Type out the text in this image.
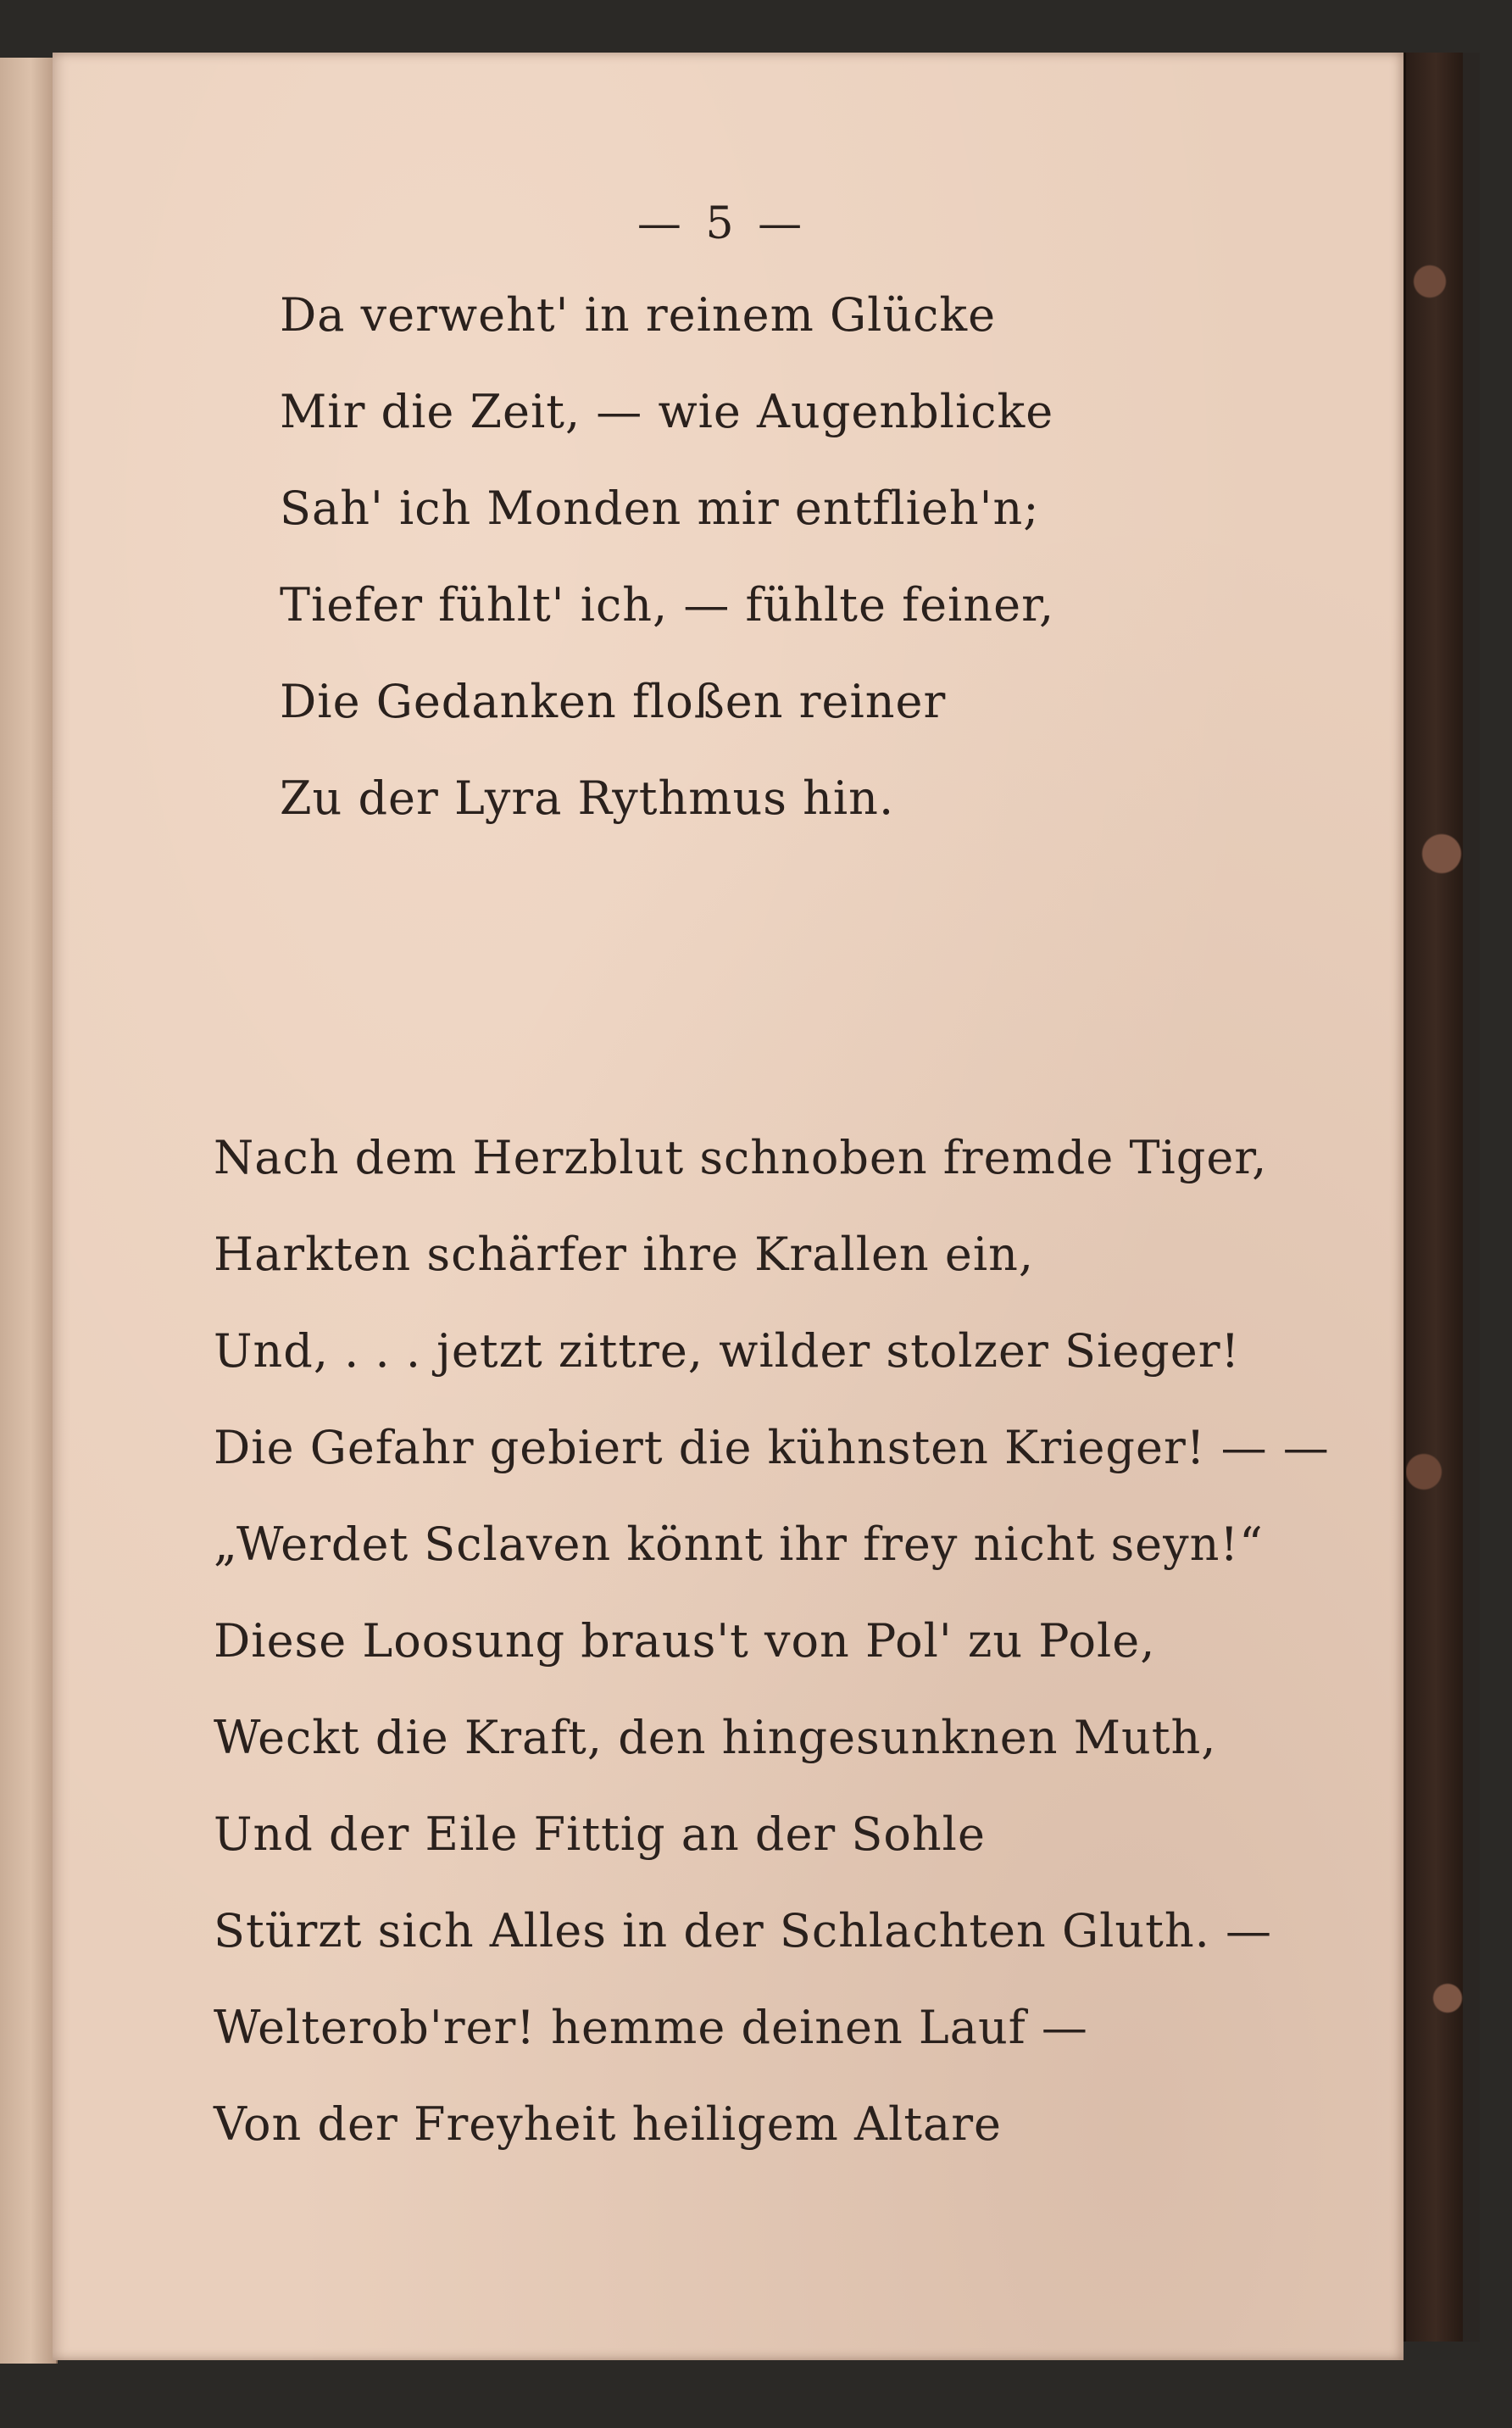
— 5 —
Da verweht' in reinem Glücke
Mir die Zeit, — wie Augenblicke
Sah' ich Monden mir entflieh'n;
Tiefer fühlt' ich, — fühlte feiner,
Die Gedanken floßen reiner
Zu der Lyra Rythmus hin.
Nach dem Herzblut schnoben fremde Tiger,
Harkten schärfer ihre Krallen ein,
Und, . . . jetzt zittre, wilder stolzer Sieger!
Die Gefahr gebiert die kühnsten Krieger! — —
„Werdet Sclaven könnt ihr frey nicht seyn!“
Diese Loosung braus't von Pol' zu Pole,
Weckt die Kraft, den hingesunknen Muth,
Und der Eile Fittig an der Sohle
Stürzt sich Alles in der Schlachten Gluth. —
Welterob'rer! hemme deinen Lauf —
Von der Freyheit heiligem Altare
